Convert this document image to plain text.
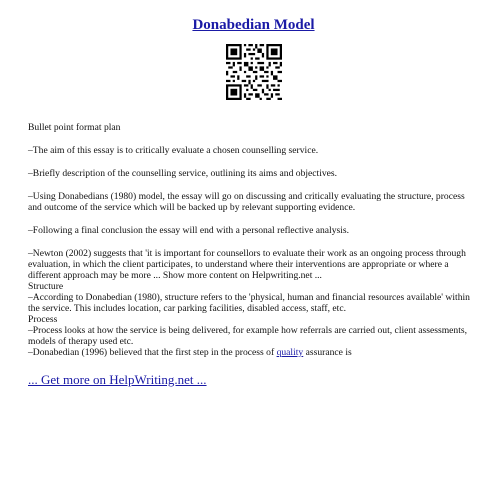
Donabedian Model

Bullet point format plan

–The aim of this essay is to critically evaluate a chosen counselling service.

–Briefly description of the counselling service, outlining its aims and objectives.

–Using Donabedians (1980) model, the essay will go on discussing and critically evaluating the structure, process and outcome of the service which will be backed up by relevant supporting evidence.

–Following a final conclusion the essay will end with a personal reflective analysis.

–Newton (2002) suggests that 'it is important for counsellors to evaluate their work as an ongoing process through evaluation, in which the client participates, to understand where their interventions are appropriate or where a different approach may be more ... Show more content on Helpwriting.net ...

Structure

–According to Donabedian (1980), structure refers to the 'physical, human and financial resources available' within the service. This includes location, car parking facilities, disabled access, staff, etc.

Process

–Process looks at how the service is being delivered, for example how referrals are carried out, client assessments, models of therapy used etc.

–Donabedian (1996) believed that the first step in the process of quality assurance is

... Get more on HelpWriting.net ...
